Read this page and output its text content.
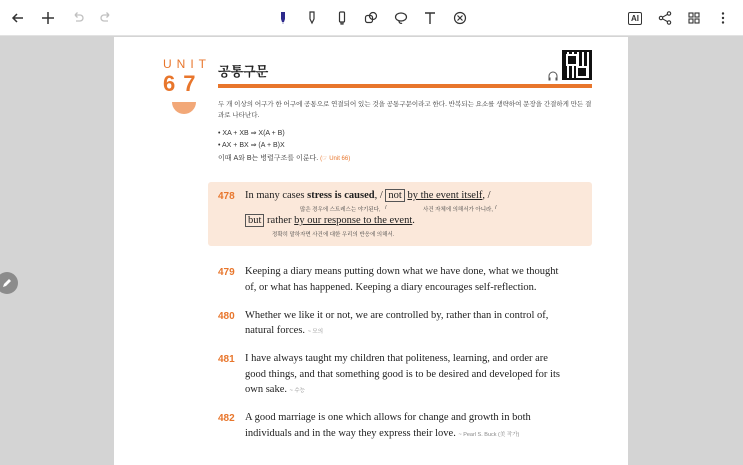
AI
UNIT
67 공통구문
두 개 이상의 어구가 한 어구에 공통으로 연결되어 있는 것을 공통구문이라고 한다. 반복되는 요소를 생략하여 문장을 간결하게 만든 결과로 나타난다.
• XA + XB ⇒ X(A + B)
• AX + BX ⇒ (A + B)X
이때 A와 B는 병렬구조를 이룬다. (☞ Unit 66)
478 In many cases stress is caused, / not by the event itself, /
많은 경우에 스트레스는 야기된다, /	사건 자체에 의해서가 아니라, /
but rather by our response to the event.
정확히 말하자면 사건에 대한 우리의 반응에 의해서.
479 Keeping a diary means putting down what we have done, what we thought
of, or what has happened. Keeping a diary encourages self-reflection.
480 Whether we like it or not, we are controlled by, rather than in control of,
natural forces. ~ 모의
481 I have always taught my children that politeness, learning, and order are
good things, and that something good is to be desired and developed for its
own sake. ~ 수능
482 A good marriage is one which allows for change and growth in both
individuals and in the way they express their love. ~ Pearl S. Buck (美 작가)
